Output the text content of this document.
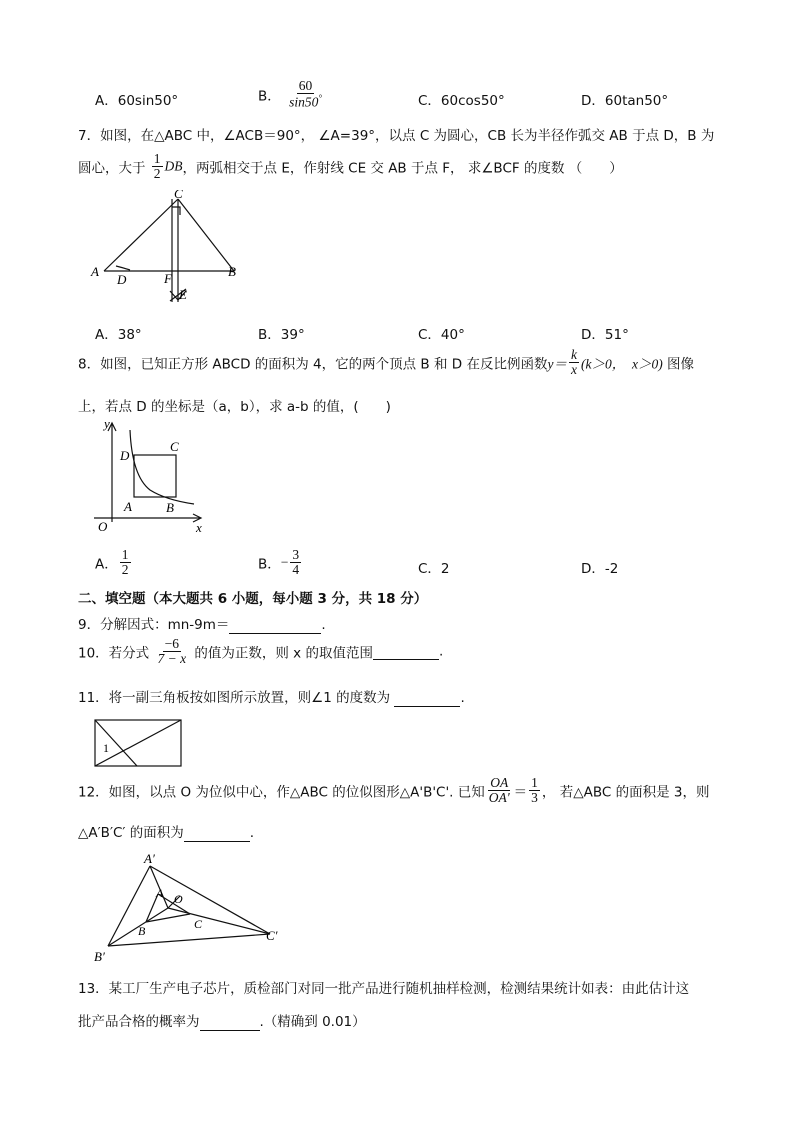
A．60sin50°	B． $\frac{60}{\sin 50^\circ}$	C．60cos50°	D．60tan50°
7．如图，在△ABC 中，∠ACB＝90°， ∠A=39°，以点 C 为圆心，CB 长为半径作弧交 AB 于点 D，B 为
圆心，大于 $\frac{1}{2}$ DB，两弧相交于点 E，作射线 CE 交 AB 于点 F， 求∠BCF 的度数 （　　）
C
A
D	F	B
E
A．38°	B．39°	C．40°	D．51°
8．如图，已知正方形 ABCD 的面积为 4，它的两个顶点 B 和 D 在反比例函数$y= \frac{k}{x} (k>0$，　x＞0) 图像
上，若点 D 的坐标是（a，b），求 a-b 的值，(　　)
y
x
O
A	B
C
D
A． $\frac{1}{2}$	B．− $\frac{3}{4}$	C．2	D．-2
二、填空题（本大题共 6 小题，每小题 3 分，共 18 分）
9．分解因式：mn-9m＝	.
10．若分式 $\frac{-6}{7 - x}$ 的值为正数，则 x 的取值范围	.
11．将一副三角板按如图所示放置，则∠1 的度数为	.
1
12．如图，以点 O 为位似中心，作△ABC 的位似图形△A'B'C'. 已知 $\frac{OA}{OA'} = \frac{1}{3}$ ， 若△ABC 的面积是 3，则
△A′B′C′ 的面积为	.
A′
A O
B	C
B′
C′
13．某工厂生产电子芯片，质检部门对同一批产品进行随机抽样检测，检测结果统计如表：由此估计这
批产品合格的概率为	.（精确到 0.01）
